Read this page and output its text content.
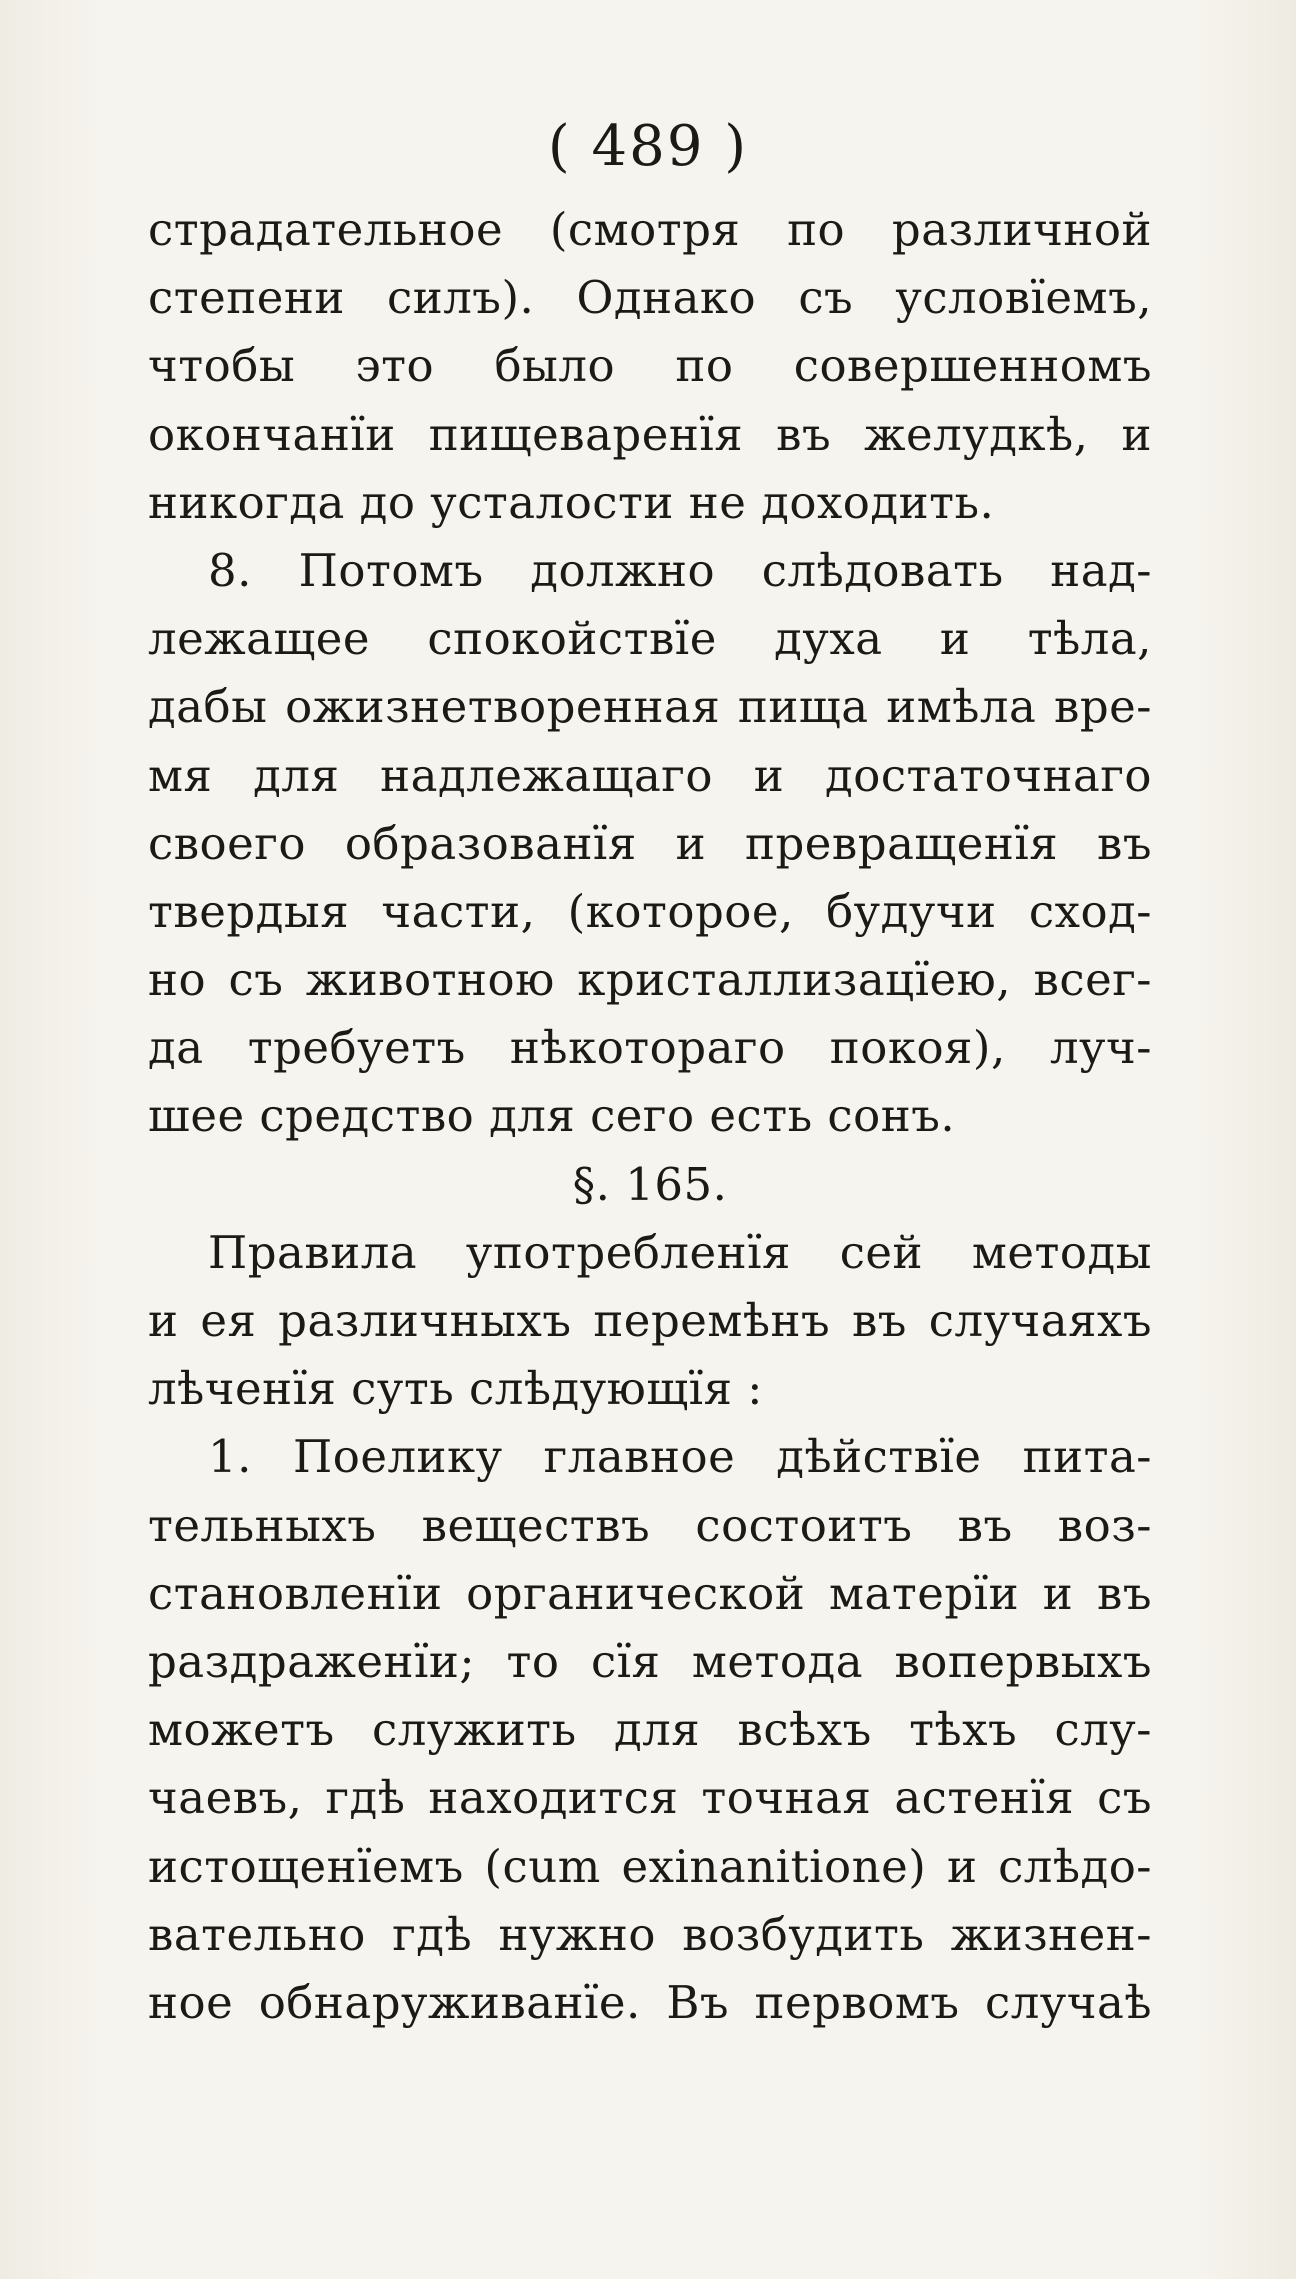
( 489 )
страдательное (смотря по различной
степени силъ). Однако съ условïемъ,
чтобы это было по совершенномъ
окончанïи пищеваренïя въ желудкѣ, и
никогда до усталости не доходить.
8. Потомъ должно слѣдовать над-
лежащее спокойствïе духа и тѣла,
дабы ожизнетворенная пища имѣла вре-
мя для надлежащаго и достаточнаго
своего образованïя и превращенïя въ
твердыя части, (которое, будучи сход-
но съ животною кристаллизацïею, всег-
да требуетъ нѣкотораго покоя), луч-
шее средство для сего есть сонъ.
§. 165.
Правила употребленïя сей методы
и ея различныхъ перемѣнъ въ случаяхъ
лѣченïя суть слѣдующïя :
1. Поелику главное дѣйствïе пита-
тельныхъ веществъ состоитъ въ воз-
становленïи органической матерïи и въ
раздраженïи; то сïя метода вопервыхъ
можетъ служить для всѣхъ тѣхъ слу-
чаевъ, гдѣ находится точная астенïя съ
истощенïемъ (cum exinanitione) и слѣдо-
вательно гдѣ нужно возбудить жизнен-
ное обнаруживанïе. Въ первомъ случаѣ
